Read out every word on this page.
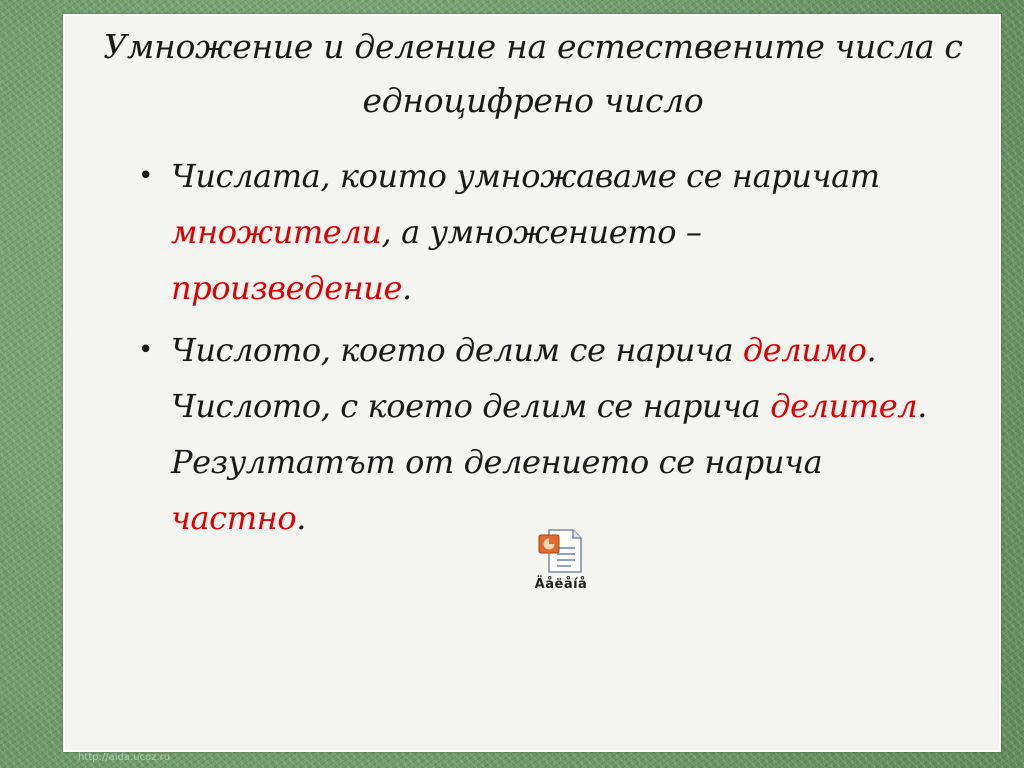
Умножение и деление на естествените числа с
едноцифрено число
• Числата, които умножаваме се наричат
множители, а умножението –
произведение.
• Числото, което делим се нарича делимо.
Числото, с което делим се нарича делител.
Резултатът от делението се нарича
частно.
Äåëåíå
http://aida.ucoz.ru
